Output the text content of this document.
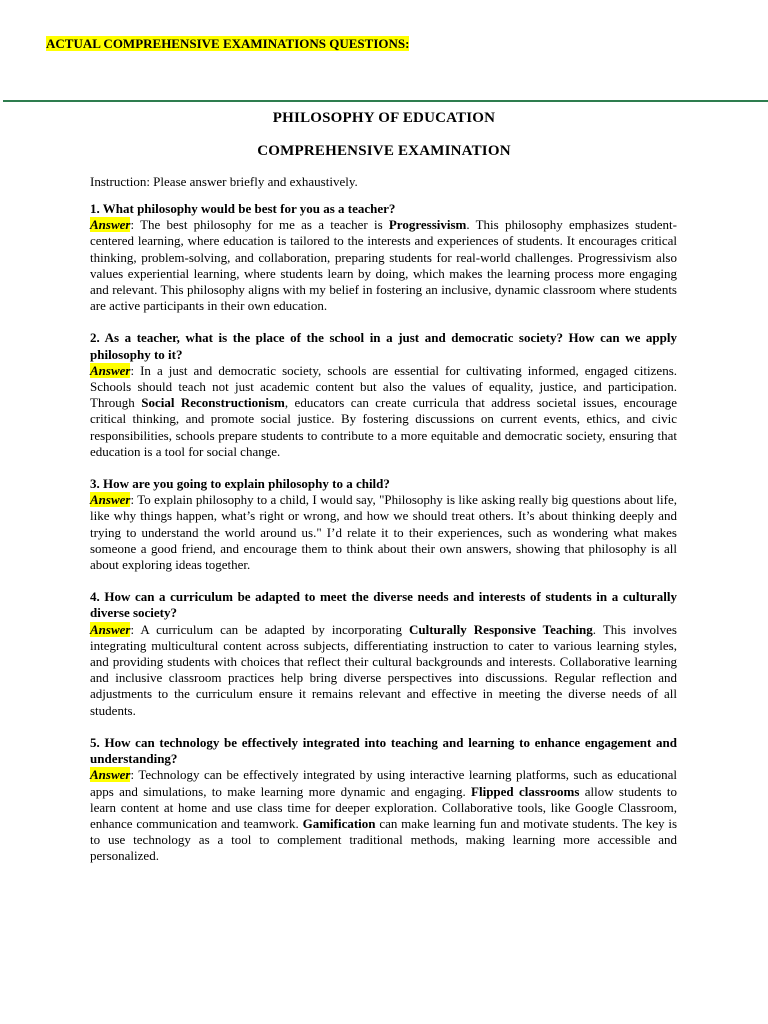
ACTUAL COMPREHENSIVE EXAMINATIONS QUESTIONS:
PHILOSOPHY OF EDUCATION
COMPREHENSIVE EXAMINATION
Instruction: Please answer briefly and exhaustively.
1. What philosophy would be best for you as a teacher?
Answer: The best philosophy for me as a teacher is Progressivism. This philosophy emphasizes student-centered learning, where education is tailored to the interests and experiences of students. It encourages critical thinking, problem-solving, and collaboration, preparing students for real-world challenges. Progressivism also values experiential learning, where students learn by doing, which makes the learning process more engaging and relevant. This philosophy aligns with my belief in fostering an inclusive, dynamic classroom where students are active participants in their own education.
2. As a teacher, what is the place of the school in a just and democratic society? How can we apply philosophy to it?
Answer: In a just and democratic society, schools are essential for cultivating informed, engaged citizens. Schools should teach not just academic content but also the values of equality, justice, and participation. Through Social Reconstructionism, educators can create curricula that address societal issues, encourage critical thinking, and promote social justice. By fostering discussions on current events, ethics, and civic responsibilities, schools prepare students to contribute to a more equitable and democratic society, ensuring that education is a tool for social change.
3. How are you going to explain philosophy to a child?
Answer: To explain philosophy to a child, I would say, "Philosophy is like asking really big questions about life, like why things happen, what’s right or wrong, and how we should treat others. It’s about thinking deeply and trying to understand the world around us." I’d relate it to their experiences, such as wondering what makes someone a good friend, and encourage them to think about their own answers, showing that philosophy is all about exploring ideas together.
4. How can a curriculum be adapted to meet the diverse needs and interests of students in a culturally diverse society?
Answer: A curriculum can be adapted by incorporating Culturally Responsive Teaching. This involves integrating multicultural content across subjects, differentiating instruction to cater to various learning styles, and providing students with choices that reflect their cultural backgrounds and interests. Collaborative learning and inclusive classroom practices help bring diverse perspectives into discussions. Regular reflection and adjustments to the curriculum ensure it remains relevant and effective in meeting the diverse needs of all students.
5. How can technology be effectively integrated into teaching and learning to enhance engagement and understanding?
Answer: Technology can be effectively integrated by using interactive learning platforms, such as educational apps and simulations, to make learning more dynamic and engaging. Flipped classrooms allow students to learn content at home and use class time for deeper exploration. Collaborative tools, like Google Classroom, enhance communication and teamwork. Gamification can make learning fun and motivate students. The key is to use technology as a tool to complement traditional methods, making learning more accessible and personalized.
